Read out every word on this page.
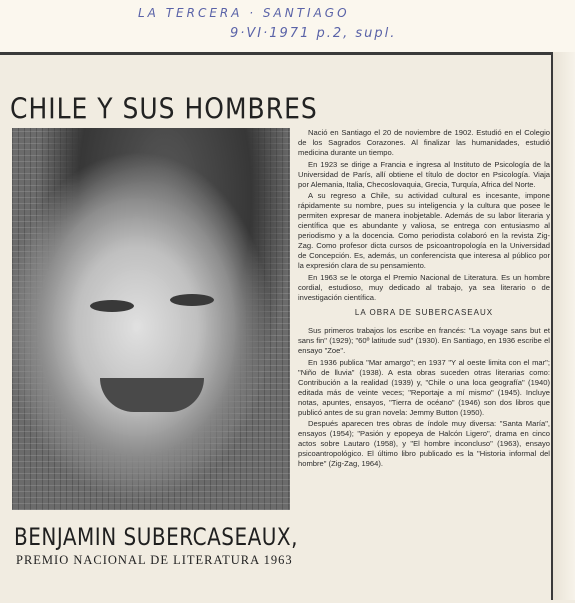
LA TERCERA · SANTIAGO
9·VI·1971 p.2, supl.
CHILE Y SUS HOMBRES

Nació en Santiago el 20 de noviembre de 1902. Estudió en el Colegio de los Sagrados Corazones. Al finalizar las humanidades, estudió medicina durante un tiempo.

En 1923 se dirige a Francia e ingresa al Instituto de Psicología de la Universidad de París, allí obtiene el título de doctor en Psicología. Viaja por Alemania, Italia, Checoslovaquia, Grecia, Turquía, Africa del Norte.

A su regreso a Chile, su actividad cultural es incesante, impone rápidamente su nombre, pues su inteligencia y la cultura que posee le permiten expresar de manera inobjetable. Además de su labor literaria y científica que es abundante y valiosa, se entrega con entusiasmo al periodismo y a la docencia. Como periodista colaboró en la revista Zig-Zag. Como profesor dicta cursos de psicoantropología en la Universidad de Concepción. Es, además, un conferencista que interesa al público por la expresión clara de su pensamiento.

En 1963 se le otorga el Premio Nacional de Literatura. Es un hombre cordial, estudioso, muy dedicado al trabajo, ya sea literario o de investigación científica.

LA OBRA DE SUBERCASEAUX

Sus primeros trabajos los escribe en francés: "La voyage sans but et sans fin" (1929); "60º latitude sud" (1930). En Santiago, en 1936 escribe el ensayo "Zoe".

En 1936 publica "Mar amargo"; en 1937 "Y al oeste limita con el mar"; "Niño de lluvia" (1938). A esta obras suceden otras literarias como: Contribución a la realidad (1939) y, "Chile o una loca geografía" (1940) editada más de veinte veces; "Reportaje a mí mismo" (1945). Incluye notas, apuntes, ensayos, "Tierra de océano" (1946) son dos libros que publicó antes de su gran novela: Jemmy Button (1950).

Después aparecen tres obras de índole muy diversa: "Santa María", ensayos (1954); "Pasión y epopeya de Halcón Ligero", drama en cinco actos sobre Lautaro (1958), y "El hombre inconcluso" (1963), ensayo psicoantropológico. El último libro publicado es la "Historia informal del hombre" (Zig-Zag, 1964).

BENJAMIN SUBERCASEAUX,

PREMIO NACIONAL DE LITERATURA 1963
